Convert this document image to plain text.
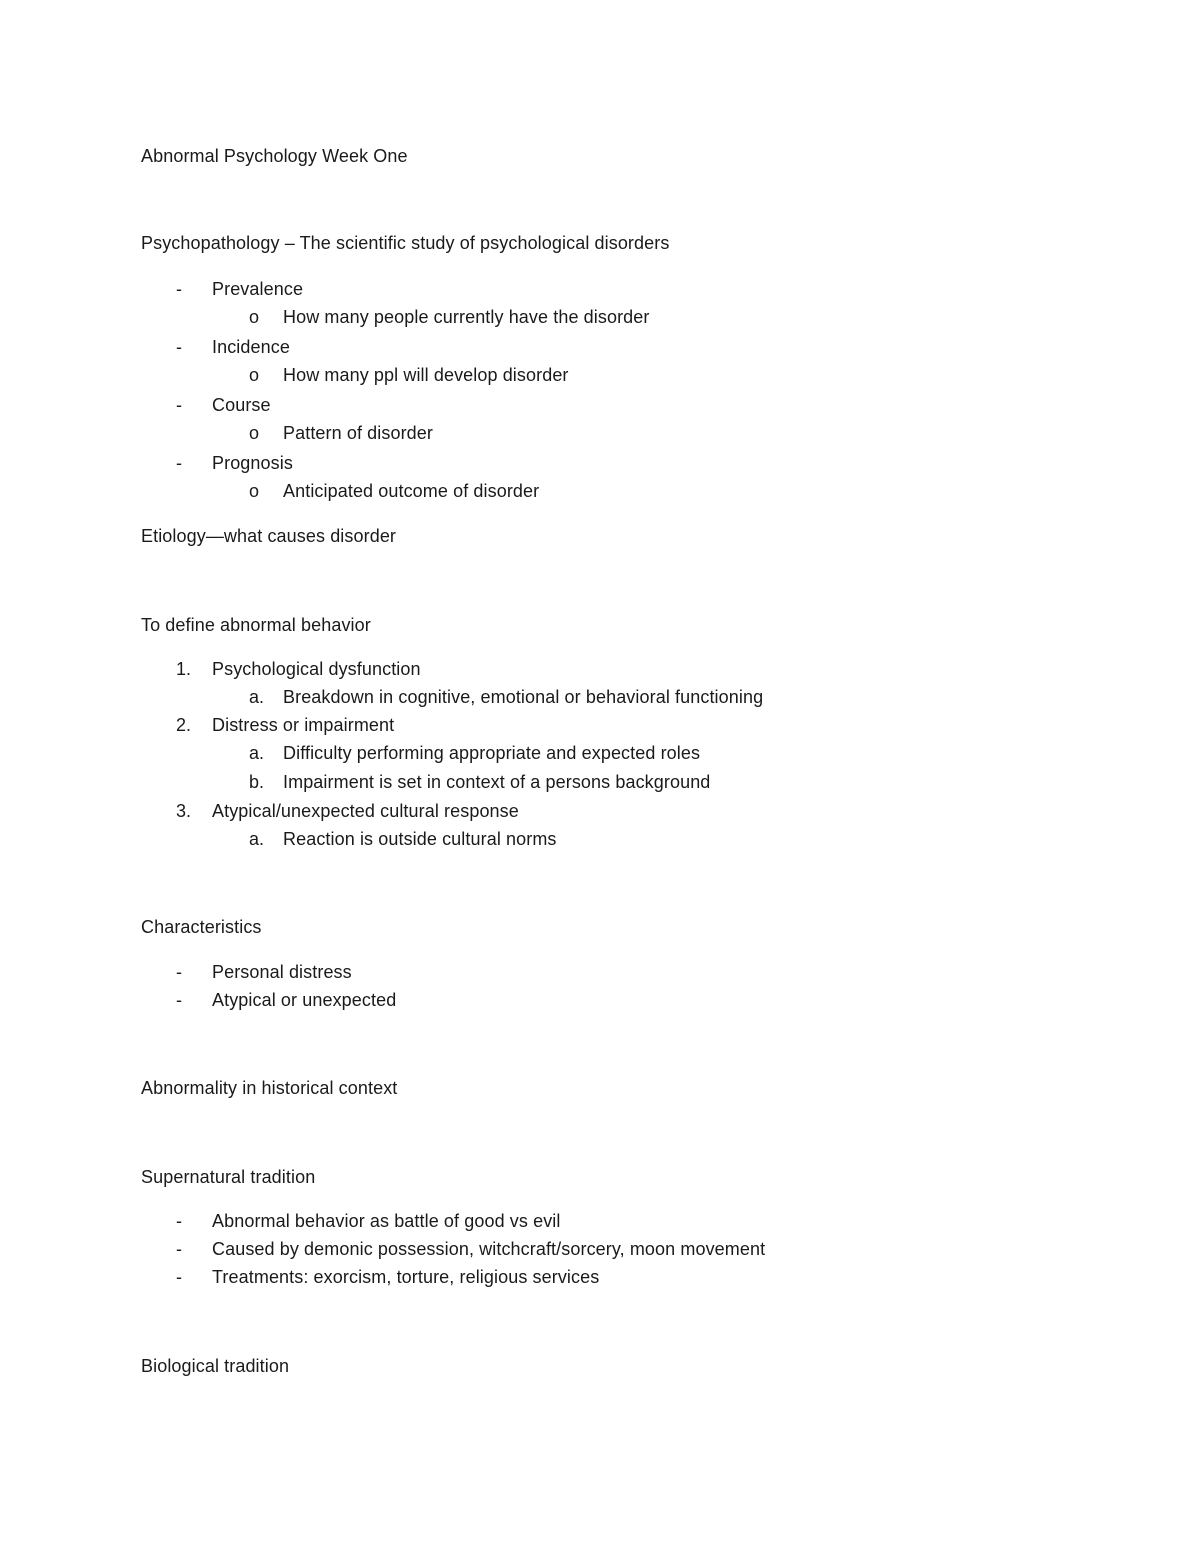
Abnormal Psychology Week One
Psychopathology – The scientific study of psychological disorders
- Prevalence
o How many people currently have the disorder
- Incidence
o How many ppl will develop disorder
- Course
o Pattern of disorder
- Prognosis
o Anticipated outcome of disorder
Etiology—what causes disorder
To define abnormal behavior
1. Psychological dysfunction
a. Breakdown in cognitive, emotional or behavioral functioning
2. Distress or impairment
a. Difficulty performing appropriate and expected roles
b. Impairment is set in context of a persons background
3. Atypical/unexpected cultural response
a. Reaction is outside cultural norms
Characteristics
- Personal distress
- Atypical or unexpected
Abnormality in historical context
Supernatural tradition
- Abnormal behavior as battle of good vs evil
- Caused by demonic possession, witchcraft/sorcery, moon movement
- Treatments: exorcism, torture, religious services
Biological tradition
